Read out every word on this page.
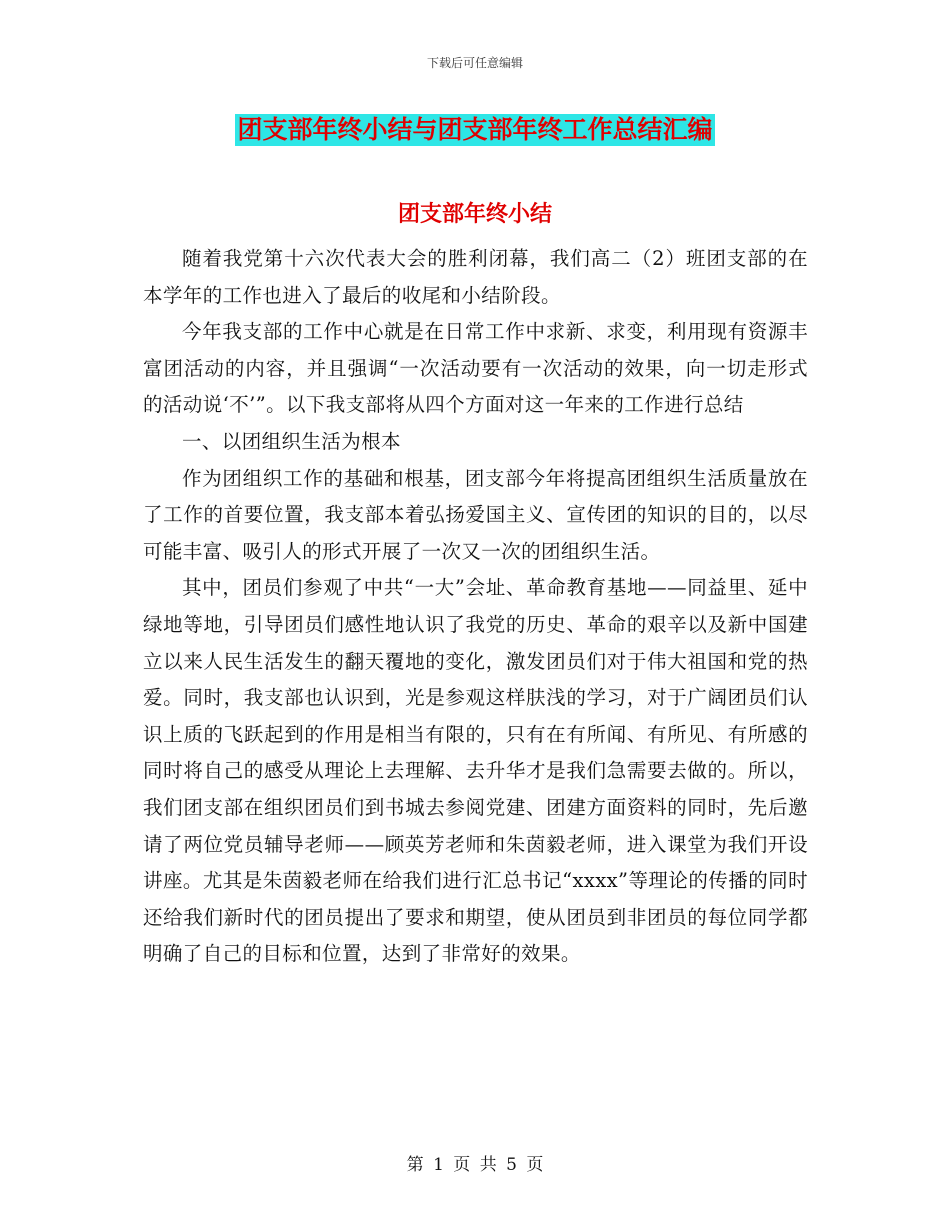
下载后可任意编辑
团支部年终小结与团支部年终工作总结汇编
团支部年终小结

随着我党第十六次代表大会的胜利闭幕，我们高二（2）班团支部的在本学年的工作也进入了最后的收尾和小结阶段。

今年我支部的工作中心就是在日常工作中求新、求变，利用现有资源丰富团活动的内容，并且强调“一次活动要有一次活动的效果，向一切走形式的活动说‘不’”。以下我支部将从四个方面对这一年来的工作进行总结

一、以团组织生活为根本

作为团组织工作的基础和根基，团支部今年将提高团组织生活质量放在了工作的首要位置，我支部本着弘扬爱国主义、宣传团的知识的目的，以尽可能丰富、吸引人的形式开展了一次又一次的团组织生活。

其中，团员们参观了中共“一大”会址、革命教育基地——同益里、延中绿地等地，引导团员们感性地认识了我党的历史、革命的艰辛以及新中国建立以来人民生活发生的翻天覆地的变化，激发团员们对于伟大祖国和党的热爱。同时，我支部也认识到，光是参观这样肤浅的学习，对于广阔团员们认识上质的飞跃起到的作用是相当有限的，只有在有所闻、有所见、有所感的同时将自己的感受从理论上去理解、去升华才是我们急需要去做的。所以，我们团支部在组织团员们到书城去参阅党建、团建方面资料的同时，先后邀请了两位党员辅导老师——顾英芳老师和朱茵毅老师，进入课堂为我们开设讲座。尤其是朱茵毅老师在给我们进行汇总书记“xxxx”等理论的传播的同时还给我们新时代的团员提出了要求和期望，使从团员到非团员的每位同学都明确了自己的目标和位置，达到了非常好的效果。

第 1 页 共 5 页
